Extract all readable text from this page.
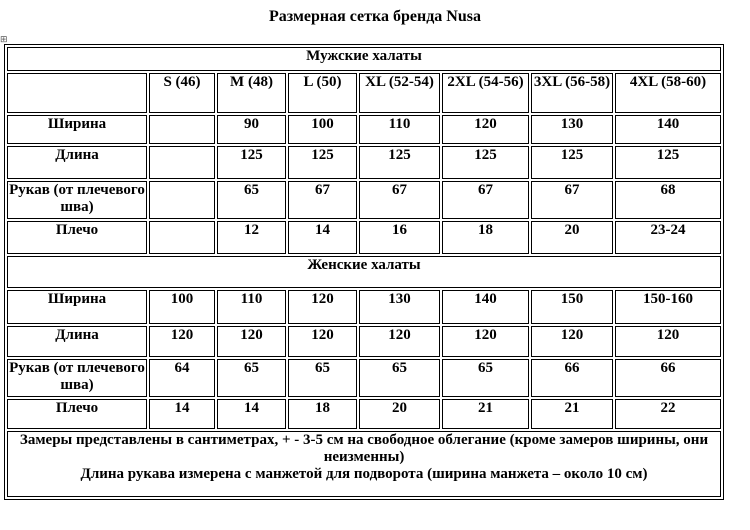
Размерная сетка бренда Nusa
⊞
Мужские халаты							
	S (46)	M (48)	L (50)	XL (52-54)	2XL (54-56)	3XL (56-58)	4XL (58-60)
Ширина		90	100	110	120	130	140
Длина		125	125	125	125	125	125
Рукав (от плечевого шва)		65	67	67	67	67	68
Плечо		12	14	16	18	20	23-24
Женские халаты							
Ширина	100	110	120	130	140	150	150-160
Длина	120	120	120	120	120	120	120
Рукав (от плечевого шва)	64	65	65	65	65	66	66
Плечо	14	14	18	20	21	21	22

Замеры представлены в сантиметрах, + - 3-5 см на свободное облегание (кроме замеров ширины, они неизменны)
Длина рукава измерена с манжетой для подворота (ширина манжета – около 10 см)							
